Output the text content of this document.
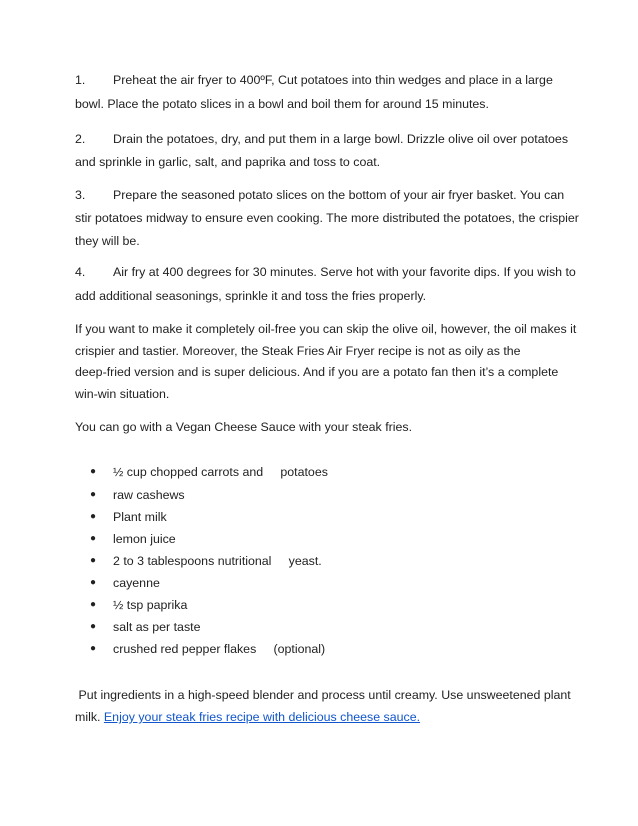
1. Preheat the air fryer to 400ºF, Cut potatoes into thin wedges and place in a large
bowl. Place the potato slices in a bowl and boil them for around 15 minutes.
2. Drain the potatoes, dry, and put them in a large bowl. Drizzle olive oil over potatoes
and sprinkle in garlic, salt, and paprika and toss to coat.
3. Prepare the seasoned potato slices on the bottom of your air fryer basket. You can
stir potatoes midway to ensure even cooking. The more distributed the potatoes, the crispier
they will be.
4. Air fry at 400 degrees for 30 minutes. Serve hot with your favorite dips. If you wish to
add additional seasonings, sprinkle it and toss the fries properly.
If you want to make it completely oil-free you can skip the olive oil, however, the oil makes it
crispier and tastier. Moreover, the Steak Fries Air Fryer recipe is not as oily as the
deep-fried version and is super delicious. And if you are a potato fan then it’s a complete
win-win situation.
You can go with a Vegan Cheese Sauce with your steak fries.
● ½ cup chopped carrots and     potatoes
● raw cashews
● Plant milk
● lemon juice
● 2 to 3 tablespoons nutritional     yeast.
● cayenne
● ½ tsp paprika
● salt as per taste
● crushed red pepper flakes     (optional)
Put ingredients in a high-speed blender and process until creamy. Use unsweetened plant
milk. Enjoy your steak fries recipe with delicious cheese sauce.
